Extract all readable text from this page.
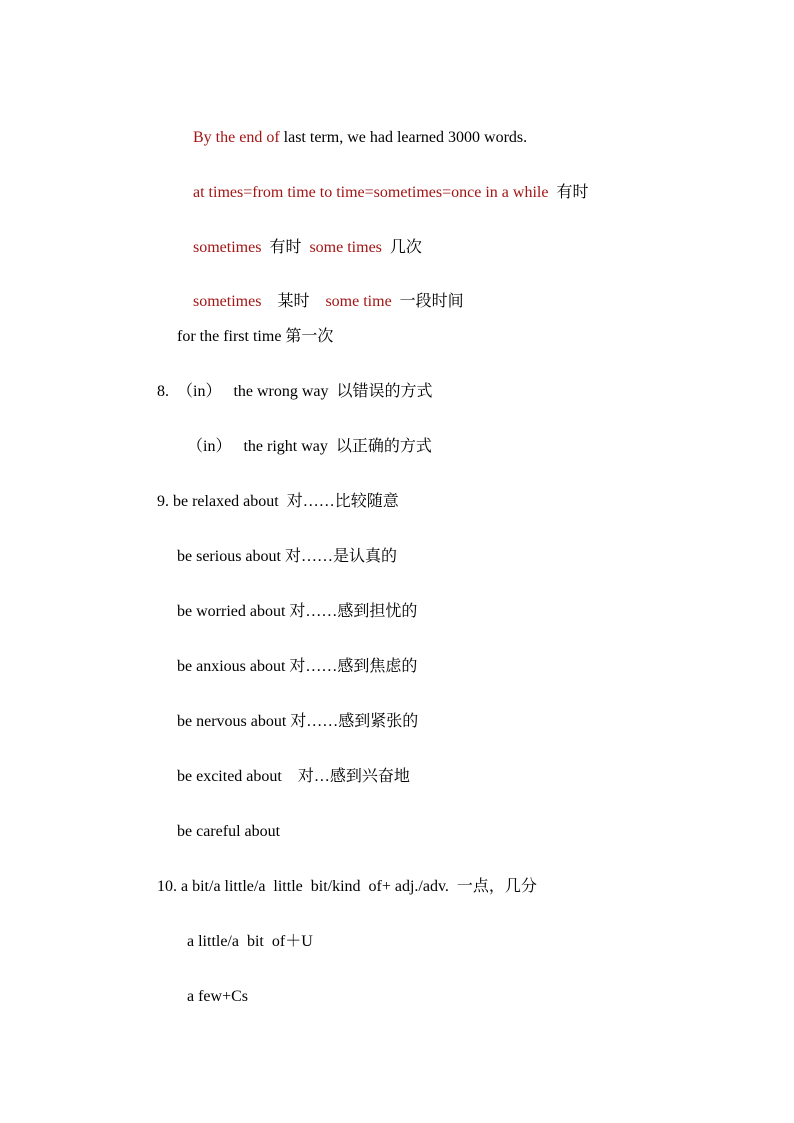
By the end of last term, we had learned 3000 words.

at times=from time to time=sometimes=once in a while  有时

sometimes  有时  some times  几次

sometimes    某时    some time  一段时间

for the first time 第一次
8.  （in）   the wrong way  以错误的方式
（in）   the right way  以正确的方式
9. be relaxed about  对……比较随意
be serious about 对……是认真的
be worried about 对……感到担忧的
be anxious about 对……感到焦虑的
be nervous about 对……感到紧张的
be excited about    对…感到兴奋地
be careful about
10. a bit/a little/a  little  bit/kind  of+ adj./adv.  一点，几分
a little/a  bit  of＋U
a few+Cs
